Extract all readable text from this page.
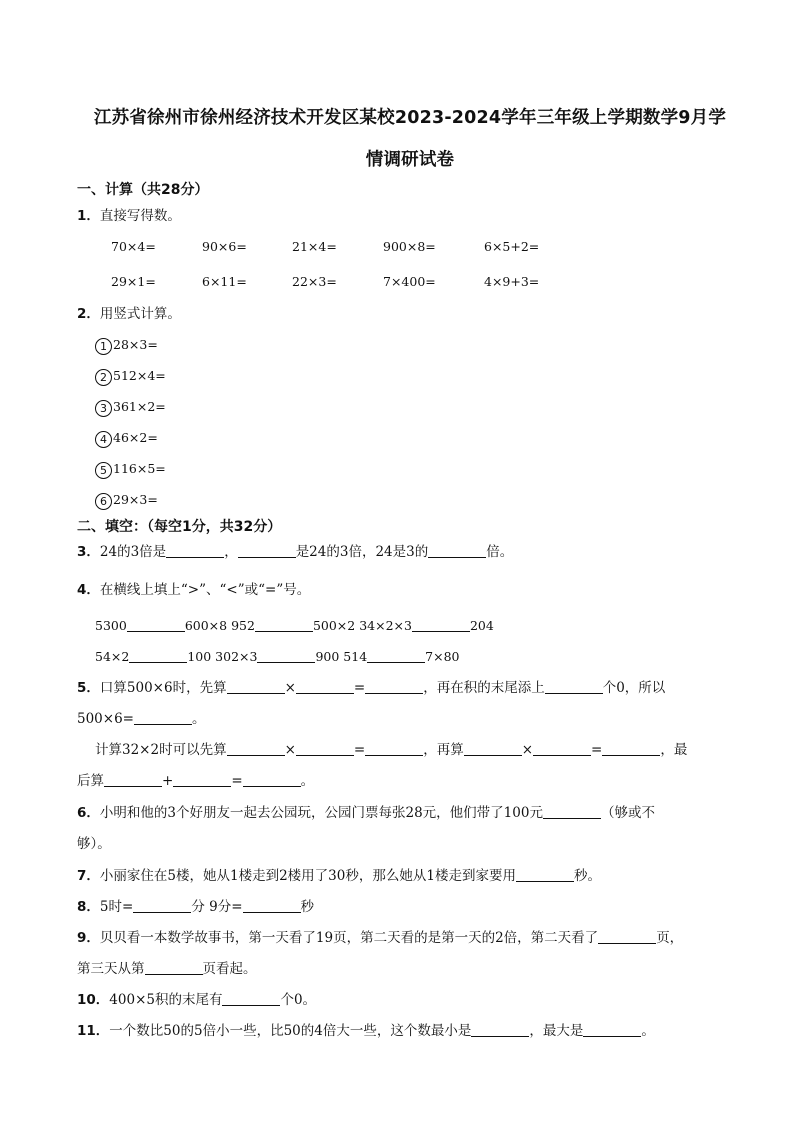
江苏省徐州市徐州经济技术开发区某校2023-2024学年三年级上学期数学9月学
情调研试卷
一、计算（共28分）
1．直接写得数。
70×4=	90×6=	21×4=	900×8=	6×5+2=
29×1=	6×11=	22×3=	7×400=	4×9+3=
2．用竖式计算。
1 28×3=
2 512×4=
3 361×2=
4 46×2=
5 116×5=
6 29×3=
二、填空：（每空1分，共32分）
3．24的3倍是	，	是24的3倍，24是3的	倍。
4．在横线上填上“>”、“<”或“=”号。
5300	600×8 952	500×2 34×2×3	204
54×2	100 302×3	900 514	7×80
5．口算500×6时，先算	×	=	，再在积的末尾添上	个0，所以
500×6=	。
计算32×2时可以先算	×	=	，再算	×	=	，最
后算	+	=	。
6．小明和他的3个好朋友一起去公园玩，公园门票每张28元，他们带了100元	（够或不
够）。
7．小丽家住在5楼，她从1楼走到2楼用了30秒，那么她从1楼走到家要用	秒。
8．5时=	分 9分=	秒
9．贝贝看一本数学故事书，第一天看了19页，第二天看的是第一天的2倍，第二天看了	页，
第三天从第	页看起。
10．400×5积的末尾有	个0。
11．一个数比50的5倍小一些，比50的4倍大一些，这个数最小是	，最大是	。
